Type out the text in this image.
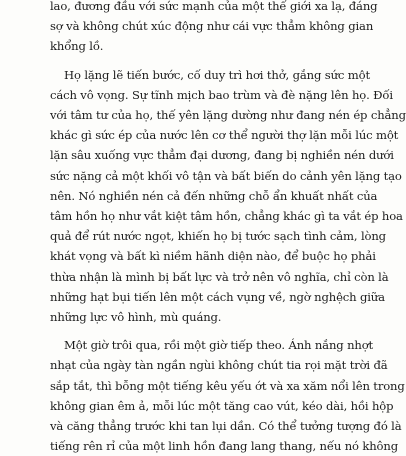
lao, đương đầu với sức mạnh của một thế giới xa lạ, đáng
sợ và không chút xúc động như cái vực thẳm không gian
khổng lồ.

Họ lặng lẽ tiến bước, cố duy trì hơi thở, gắng sức một
cách vô vọng. Sự tĩnh mịch bao trùm và đè nặng lên họ. Đối
với tâm tư của họ, thế yên lặng dường như đang nén ép chẳng
khác gì sức ép của nước lên cơ thể người thợ lặn mỗi lúc một
lặn sâu xuống vực thẳm đại dương, đang bị nghiền nén dưới
sức nặng cả một khối vô tận và bất biến do cảnh yên lặng tạo
nên. Nó nghiền nén cả đến những chỗ ẩn khuất nhất của
tâm hồn họ như vắt kiệt tâm hồn, chẳng khác gì ta vắt ép hoa
quả để rút nước ngọt, khiến họ bị tước sạch tình cảm, lòng
khát vọng và bất kì niềm hãnh diện nào, để buộc họ phải
thừa nhận là mình bị bất lực và trở nên vô nghĩa, chỉ còn là
những hạt bụi tiến lên một cách vụng về, ngờ nghệch giữa
những lực vô hình, mù quáng.

Một giờ trôi qua, rồi một giờ tiếp theo. Ánh nắng nhợt
nhạt của ngày tàn ngần ngùi không chút tia rọi mặt trời đã
sắp tắt, thì bỗng một tiếng kêu yếu ớt và xa xăm nổi lên trong
không gian êm ả, mỗi lúc một tăng cao vút, kéo dài, hồi hộp
và căng thẳng trước khi tan lụi dần. Có thể tưởng tượng đó là
tiếng rên rỉ của một linh hồn đang lang thang, nếu nó không
